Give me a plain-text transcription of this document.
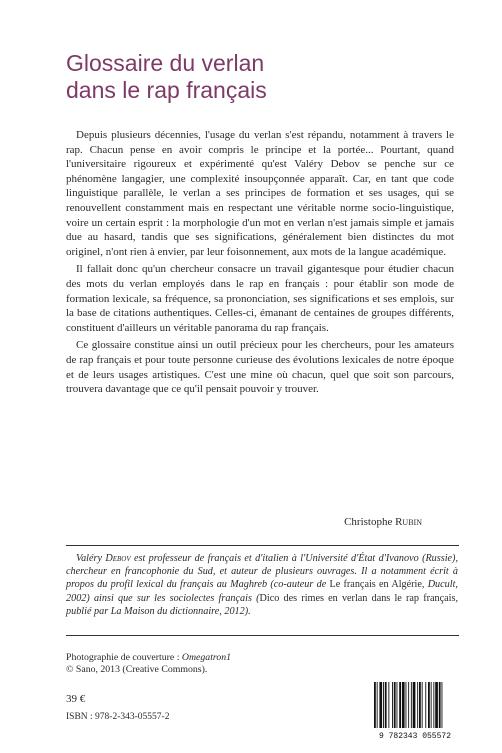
Glossaire du verlan
dans le rap français

Depuis plusieurs décennies, l'usage du verlan s'est répandu, notamment à travers le rap. Chacun pense en avoir compris le principe et la portée... Pourtant, quand l'universitaire rigoureux et expérimenté qu'est Valéry Debov se penche sur ce phénomène langagier, une complexité insoupçonnée apparaît. Car, en tant que code linguistique parallèle, le verlan a ses principes de formation et ses usages, qui se renouvellent constamment mais en respectant une véritable norme socio-linguistique, voire un certain esprit : la morphologie d'un mot en verlan n'est jamais simple et jamais due au hasard, tandis que ses significations, généralement bien distinctes du mot originel, n'ont rien à envier, par leur foisonnement, aux mots de la langue académique.

Il fallait donc qu'un chercheur consacre un travail gigantesque pour étudier chacun des mots du verlan employés dans le rap en français : pour établir son mode de formation lexicale, sa fréquence, sa prononciation, ses significations et ses emplois, sur la base de citations authentiques. Celles-ci, émanant de centaines de groupes différents, constituent d'ailleurs un véritable panorama du rap français.

Ce glossaire constitue ainsi un outil précieux pour les chercheurs, pour les amateurs de rap français et pour toute personne curieuse des évolutions lexicales de notre époque et de leurs usages artistiques. C'est une mine où chacun, quel que soit son parcours, trouvera davantage que ce qu'il pensait pouvoir y trouver.

Christophe Rubin
Valéry Debov est professeur de français et d'italien à l'Université d'État d'Ivanovo (Russie), chercheur en francophonie du Sud, et auteur de plusieurs ouvrages. Il a notamment écrit à propos du profil lexical du français au Maghreb (co-auteur de Le français en Algérie, Ducult, 2002) ainsi que sur les sociolectes français (Dico des rimes en verlan dans le rap français, publié par La Maison du dictionnaire, 2012).
Photographie de couverture : Omegatron1
© Sano, 2013 (Creative Commons).
39 €
ISBN : 978-2-343-05557-2
9 782343 055572
